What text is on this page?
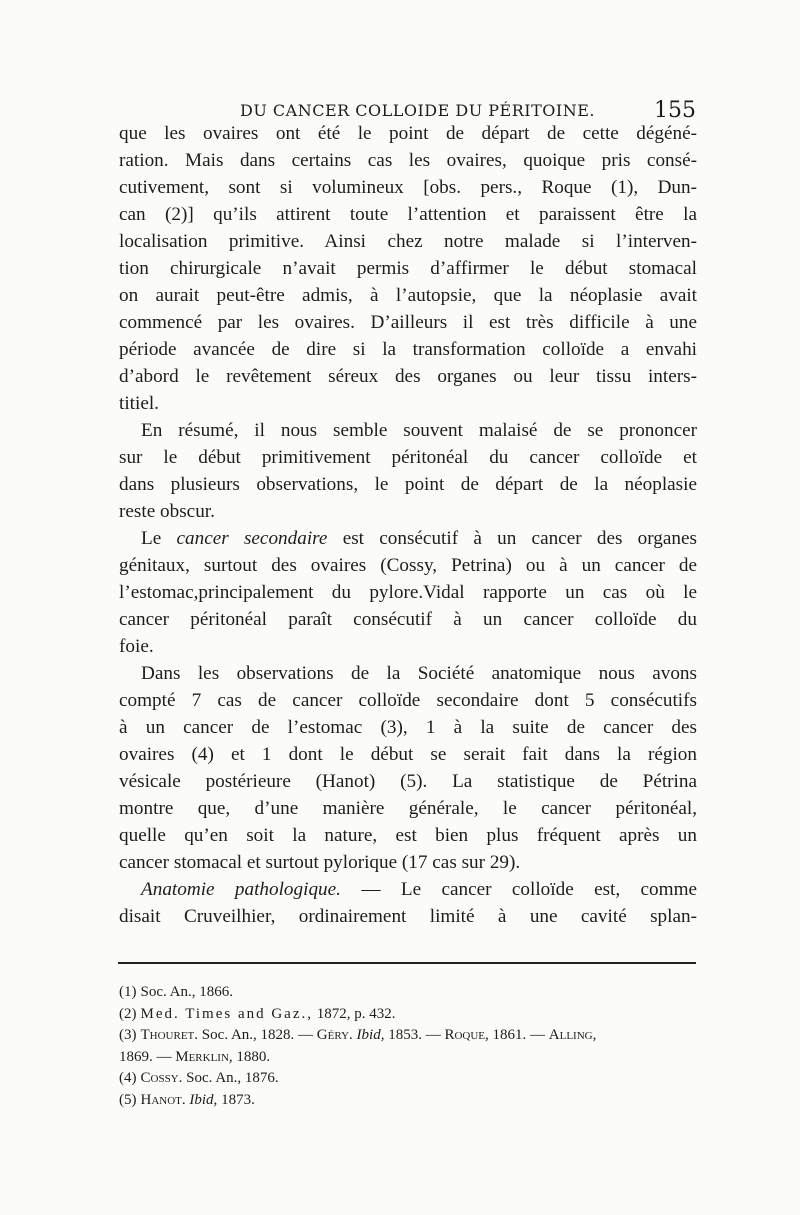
DU CANCER COLLOIDE DU PÉRITOINE.	155
que les ovaires ont été le point de départ de cette dégéné-
ration. Mais dans certains cas les ovaires, quoique pris consé-
cutivement, sont si volumineux [obs. pers., Roque (1), Dun-
can (2)] qu’ils attirent toute l’attention et paraissent être la
localisation primitive. Ainsi chez notre malade si l’interven-
tion chirurgicale n’avait permis d’affirmer le début stomacal
on aurait peut-être admis, à l’autopsie, que la néoplasie avait
commencé par les ovaires. D’ailleurs il est très difficile à une
période avancée de dire si la transformation colloïde a envahi
d’abord le revêtement séreux des organes ou leur tissu inters-
titiel.
En résumé, il nous semble souvent malaisé de se prononcer
sur le début primitivement péritonéal du cancer colloïde et
dans plusieurs observations, le point de départ de la néoplasie
reste obscur.
Le cancer secondaire est consécutif à un cancer des organes
génitaux, surtout des ovaires (Cossy, Petrina) ou à un cancer de
l’estomac,principalement du pylore.Vidal rapporte un cas où le
cancer péritonéal paraît consécutif à un cancer colloïde du
foie.
Dans les observations de la Société anatomique nous avons
compté 7 cas de cancer colloïde secondaire dont 5 consécutifs
à un cancer de l’estomac (3), 1 à la suite de cancer des
ovaires (4) et 1 dont le début se serait fait dans la région
vésicale postérieure (Hanot) (5). La statistique de Pétrina
montre que, d’une manière générale, le cancer péritonéal,
quelle qu’en soit la nature, est bien plus fréquent après un
cancer stomacal et surtout pylorique (17 cas sur 29).
Anatomie pathologique. — Le cancer colloïde est, comme
disait Cruveilhier, ordinairement limité à une cavité splan-
(1) Soc. An., 1866.
(2) Med. Times and Gaz., 1872, p. 432.
(3) Thouret. Soc. An., 1828. — Géry. Ibid, 1853. — Roque, 1861. — Alling,
1869. — Merklin, 1880.
(4) Cossy. Soc. An., 1876.
(5) Hanot. Ibid, 1873.
